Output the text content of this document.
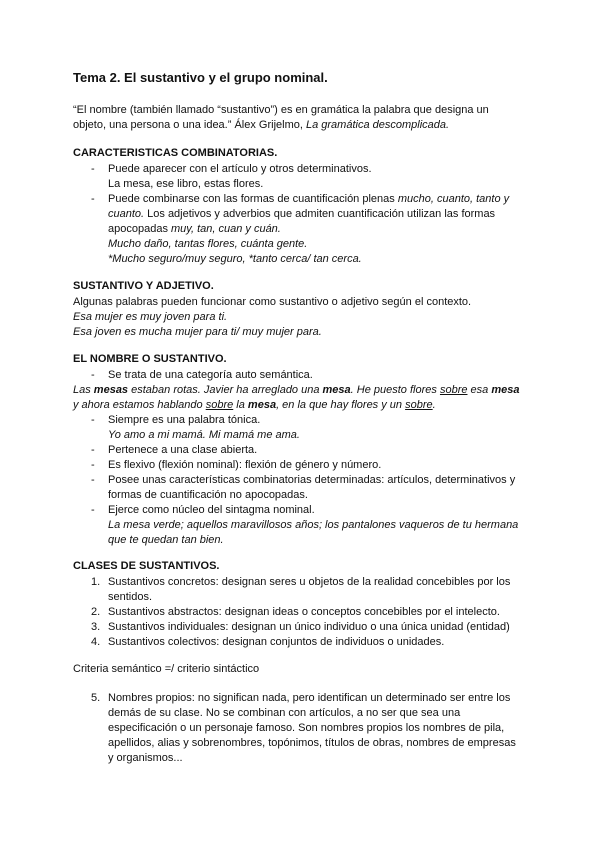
Tema 2. El sustantivo y el grupo nominal.
“El nombre (también llamado “sustantivo”) es en gramática la palabra que designa un
objeto, una persona o una idea.” Álex Grijelmo, La gramática descomplicada.
CARACTERISTICAS COMBINATORIAS.
- Puede aparecer con el artículo y otros determinativos.
La mesa, ese libro, estas flores.
- Puede combinarse con las formas de cuantificación plenas mucho, cuanto, tanto y
cuanto. Los adjetivos y adverbios que admiten cuantificación utilizan las formas
apocopadas muy, tan, cuan y cuán.
Mucho daño, tantas flores, cuánta gente.
*Mucho seguro/muy seguro, *tanto cerca/ tan cerca.
SUSTANTIVO Y ADJETIVO.
Algunas palabras pueden funcionar como sustantivo o adjetivo según el contexto.
Esa mujer es muy joven para ti.
Esa joven es mucha mujer para ti/ muy mujer para.
EL NOMBRE O SUSTANTIVO.
- Se trata de una categoría auto semántica.
Las mesas estaban rotas. Javier ha arreglado una mesa. He puesto flores sobre esa mesa
y ahora estamos hablando sobre la mesa, en la que hay flores y un sobre.
- Siempre es una palabra tónica.
Yo amo a mi mamá. Mi mamá me ama.
- Pertenece a una clase abierta.
- Es flexivo (flexión nominal): flexión de género y número.
- Posee unas características combinatorias determinadas: artículos, determinativos y
formas de cuantificación no apocopadas.
- Ejerce como núcleo del sintagma nominal.
La mesa verde; aquellos maravillosos años; los pantalones vaqueros de tu hermana
que te quedan tan bien.
CLASES DE SUSTANTIVOS.
1. Sustantivos concretos: designan seres u objetos de la realidad concebibles por los
sentidos.
2. Sustantivos abstractos: designan ideas o conceptos concebibles por el intelecto.
3. Sustantivos individuales: designan un único individuo o una única unidad (entidad)
4. Sustantivos colectivos: designan conjuntos de individuos o unidades.
Criteria semántico =/ criterio sintáctico
5. Nombres propios: no significan nada, pero identifican un determinado ser entre los
demás de su clase. No se combinan con artículos, a no ser que sea una
especificación o un personaje famoso. Son nombres propios los nombres de pila,
apellidos, alias y sobrenombres, topónimos, títulos de obras, nombres de empresas
y organismos...
